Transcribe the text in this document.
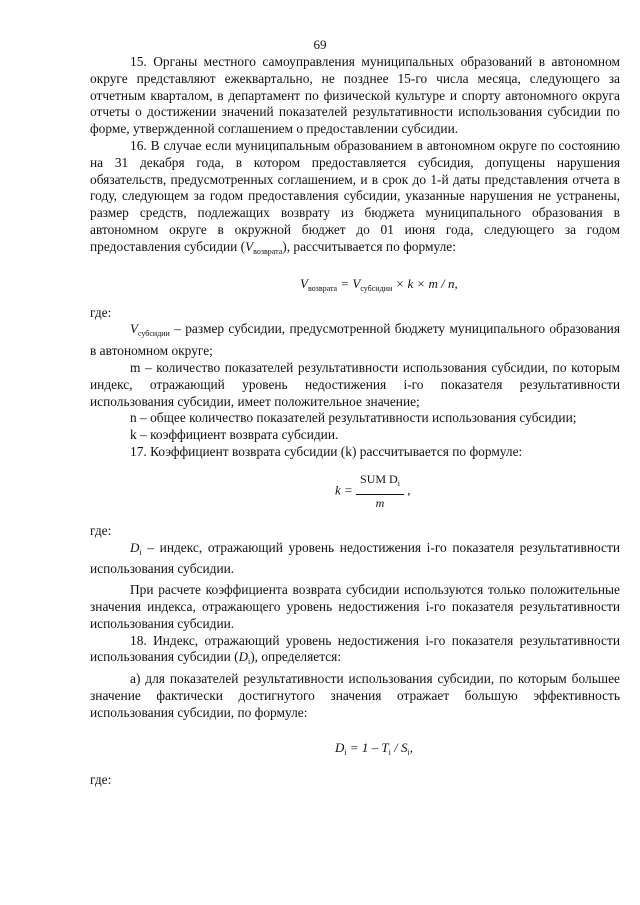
69

15. Органы местного самоуправления муниципальных образований в автономном округе представляют ежеквартально, не позднее 15-го числа месяца, следующего за отчетным кварталом, в департамент по физической культуре и спорту автономного округа отчеты о достижении значений показателей результативности использования субсидии по форме, утвержденной соглашением о предоставлении субсидии.

16. В случае если муниципальным образованием в автономном округе по состоянию на 31 декабря года, в котором предоставляется субсидия, допущены нарушения обязательств, предусмотренных соглашением, и в срок до 1-й даты представления отчета в году, следующем за годом предоставления субсидии, указанные нарушения не устранены, размер средств, подлежащих возврату из бюджета муниципального образования в автономном округе в окружной бюджет до 01 июня года, следующего за годом предоставления субсидии $(V_{возврата})$, рассчитывается по формуле:

$V_{возврата} = V_{субсидии} \times k \times m / n$,

где:

$V_{субсидии}$ – размер субсидии, предусмотренной бюджету муниципального образования в автономном округе;

m – количество показателей результативности использования субсидии, по которым индекс, отражающий уровень недостижения i-го показателя результативности использования субсидии, имеет положительное значение;

n – общее количество показателей результативности использования субсидии;

k – коэффициент возврата субсидии.

17. Коэффициент возврата субсидии (k) рассчитывается по формуле:

$k = \frac{SUM D_i}{m}$ ,

где:

$D_i$ – индекс, отражающий уровень недостижения i-го показателя результативности использования субсидии.

При расчете коэффициента возврата субсидии используются только положительные значения индекса, отражающего уровень недостижения i-го показателя результативности использования субсидии.

18. Индекс, отражающий уровень недостижения i-го показателя результативности использования субсидии $(D_i)$, определяется:

а) для показателей результативности использования субсидии, по которым большее значение фактически достигнутого значения отражает большую эффективность использования субсидии, по формуле:

$D_i = 1 - T_i / S_i$,

где:
